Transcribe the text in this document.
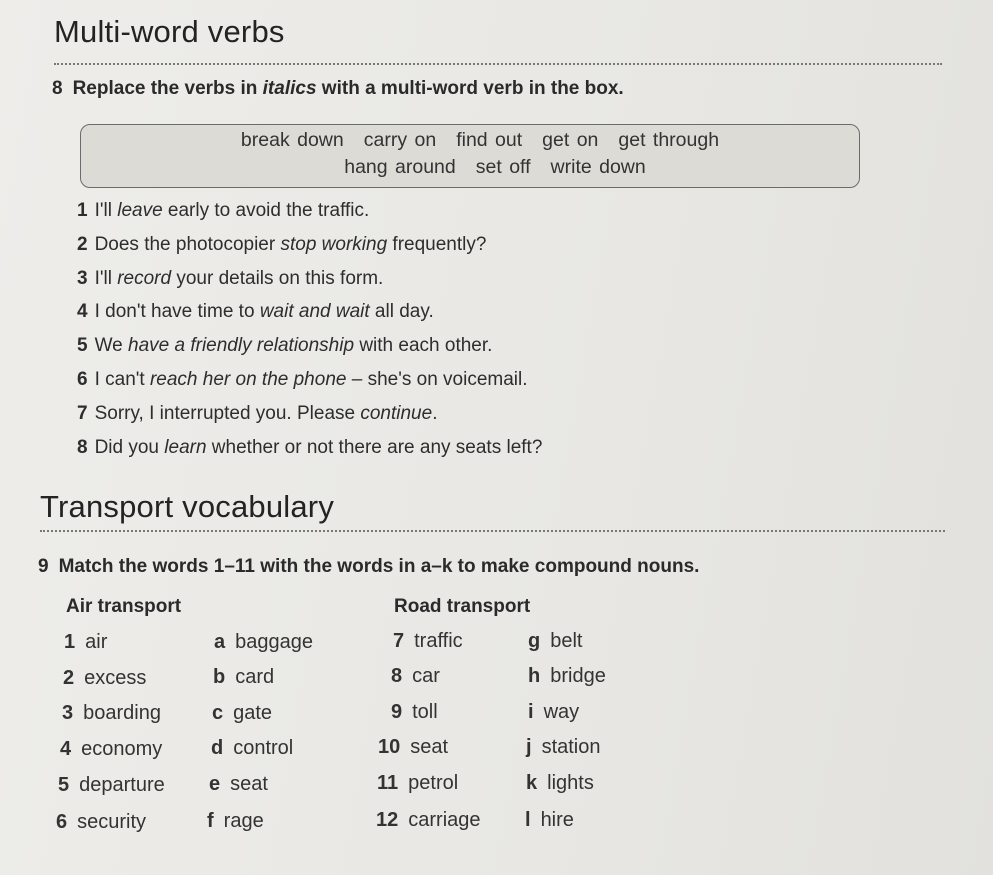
Multi-word verbs
8 Replace the verbs in italics with a multi-word verb in the box.
break down carry on find out get on get through
hang around set off write down
1 I'll leave early to avoid the traffic.
2 Does the photocopier stop working frequently?
3 I'll record your details on this form.
4 I don't have time to wait and wait all day.
5 We have a friendly relationship with each other.
6 I can't reach her on the phone – she's on voicemail.
7 Sorry, I interrupted you. Please continue.
8 Did you learn whether or not there are any seats left?
Transport vocabulary
9 Match the words 1–11 with the words in a–k to make compound nouns.
Air transport	Road transport
1 air
2 excess
3 boarding
4 economy
5 departure
6 security
a baggage
b card
c gate
d control
e seat
f rage
7 traffic
8 car
9 toll
10 seat
11 petrol
12 carriage
g belt
h bridge
i way
j station
k lights
l hire
